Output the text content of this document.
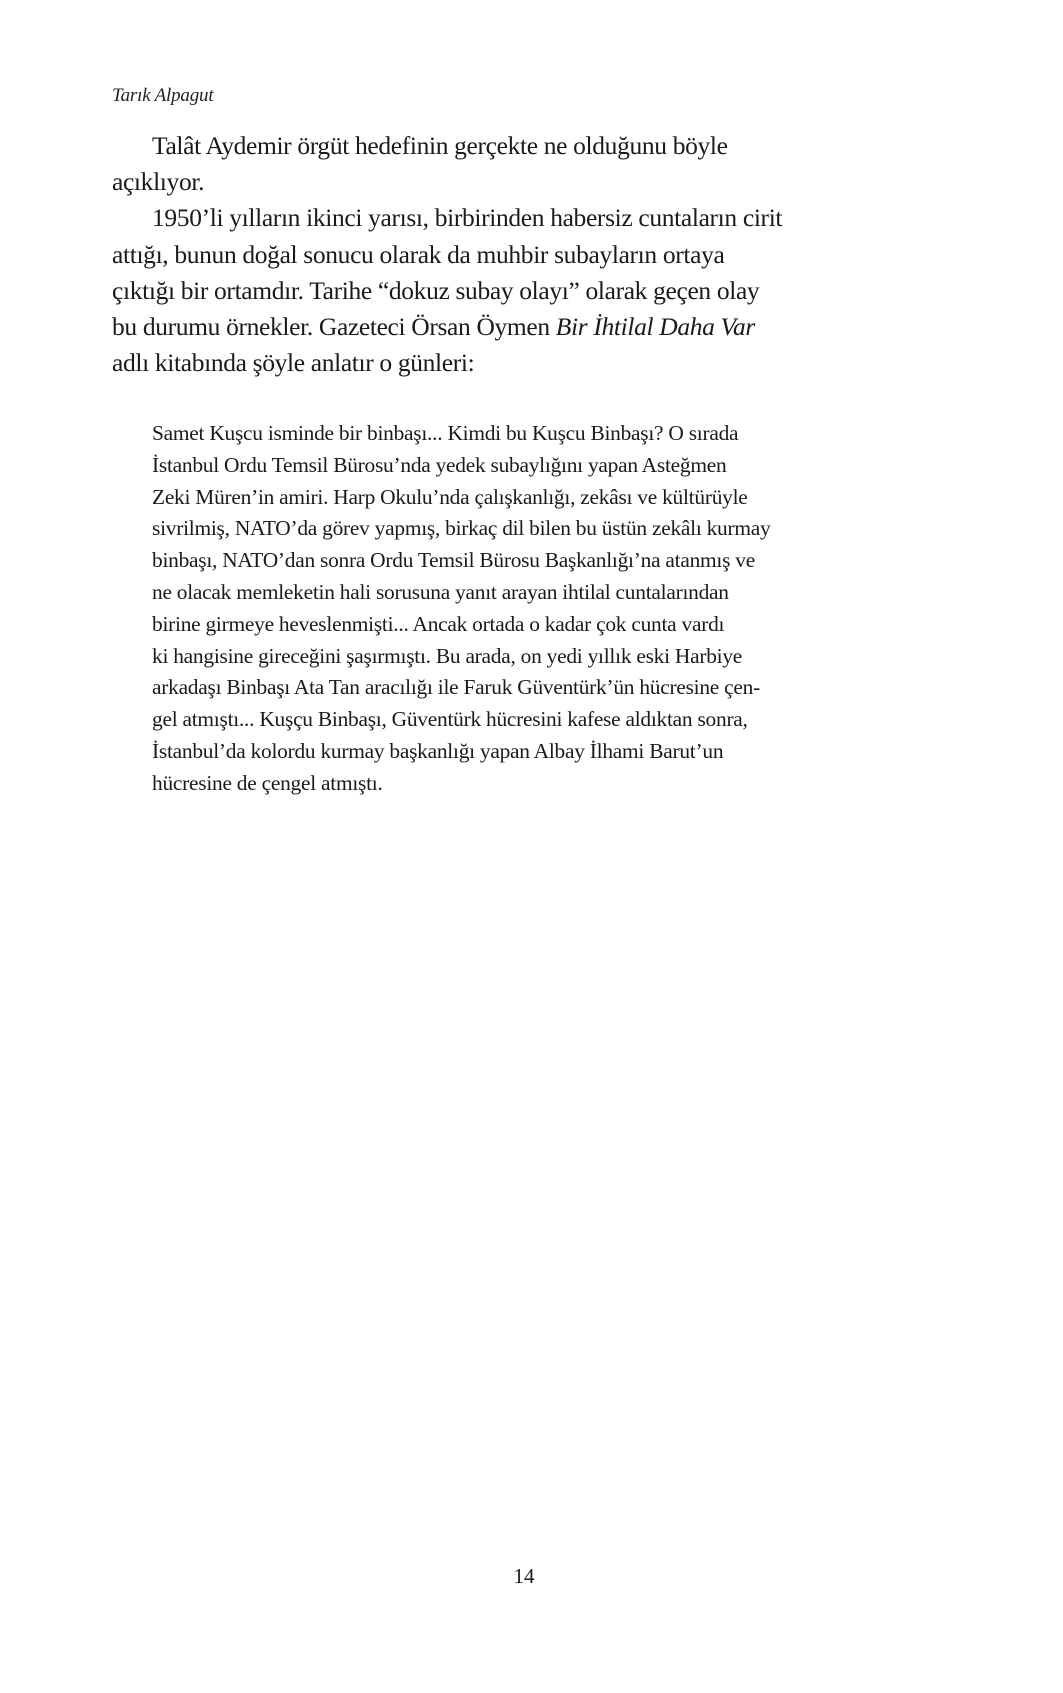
Tarık Alpagut
Talât Aydemir örgüt hedefinin gerçekte ne olduğunu böyle
açıklıyor.
1950’li yılların ikinci yarısı, birbirinden habersiz cuntaların cirit
attığı, bunun doğal sonucu olarak da muhbir subayların ortaya
çıktığı bir ortamdır. Tarihe “dokuz subay olayı” olarak geçen olay
bu durumu örnekler. Gazeteci Örsan Öymen Bir İhtilal Daha Var
adlı kitabında şöyle anlatır o günleri:
Samet Kuşcu isminde bir binbaşı... Kimdi bu Kuşcu Binbaşı? O sırada
İstanbul Ordu Temsil Bürosu’nda yedek subaylığını yapan Asteğmen
Zeki Müren’in amiri. Harp Okulu’nda çalışkanlığı, zekâsı ve kültürüyle
sivrilmiş, NATO’da görev yapmış, birkaç dil bilen bu üstün zekâlı kurmay
binbaşı, NATO’dan sonra Ordu Temsil Bürosu Başkanlığı’na atanmış ve
ne olacak memleketin hali sorusuna yanıt arayan ihtilal cuntalarından
birine girmeye heveslenmişti... Ancak ortada o kadar çok cunta vardı
ki hangisine gireceğini şaşırmıştı. Bu arada, on yedi yıllık eski Harbiye
arkadaşı Binbaşı Ata Tan aracılığı ile Faruk Güventürk’ün hücresine çen-
gel atmıştı... Kuşçu Binbaşı, Güventürk hücresini kafese aldıktan sonra,
İstanbul’da kolordu kurmay başkanlığı yapan Albay İlhami Barut’un
hücresine de çengel atmıştı.
14
